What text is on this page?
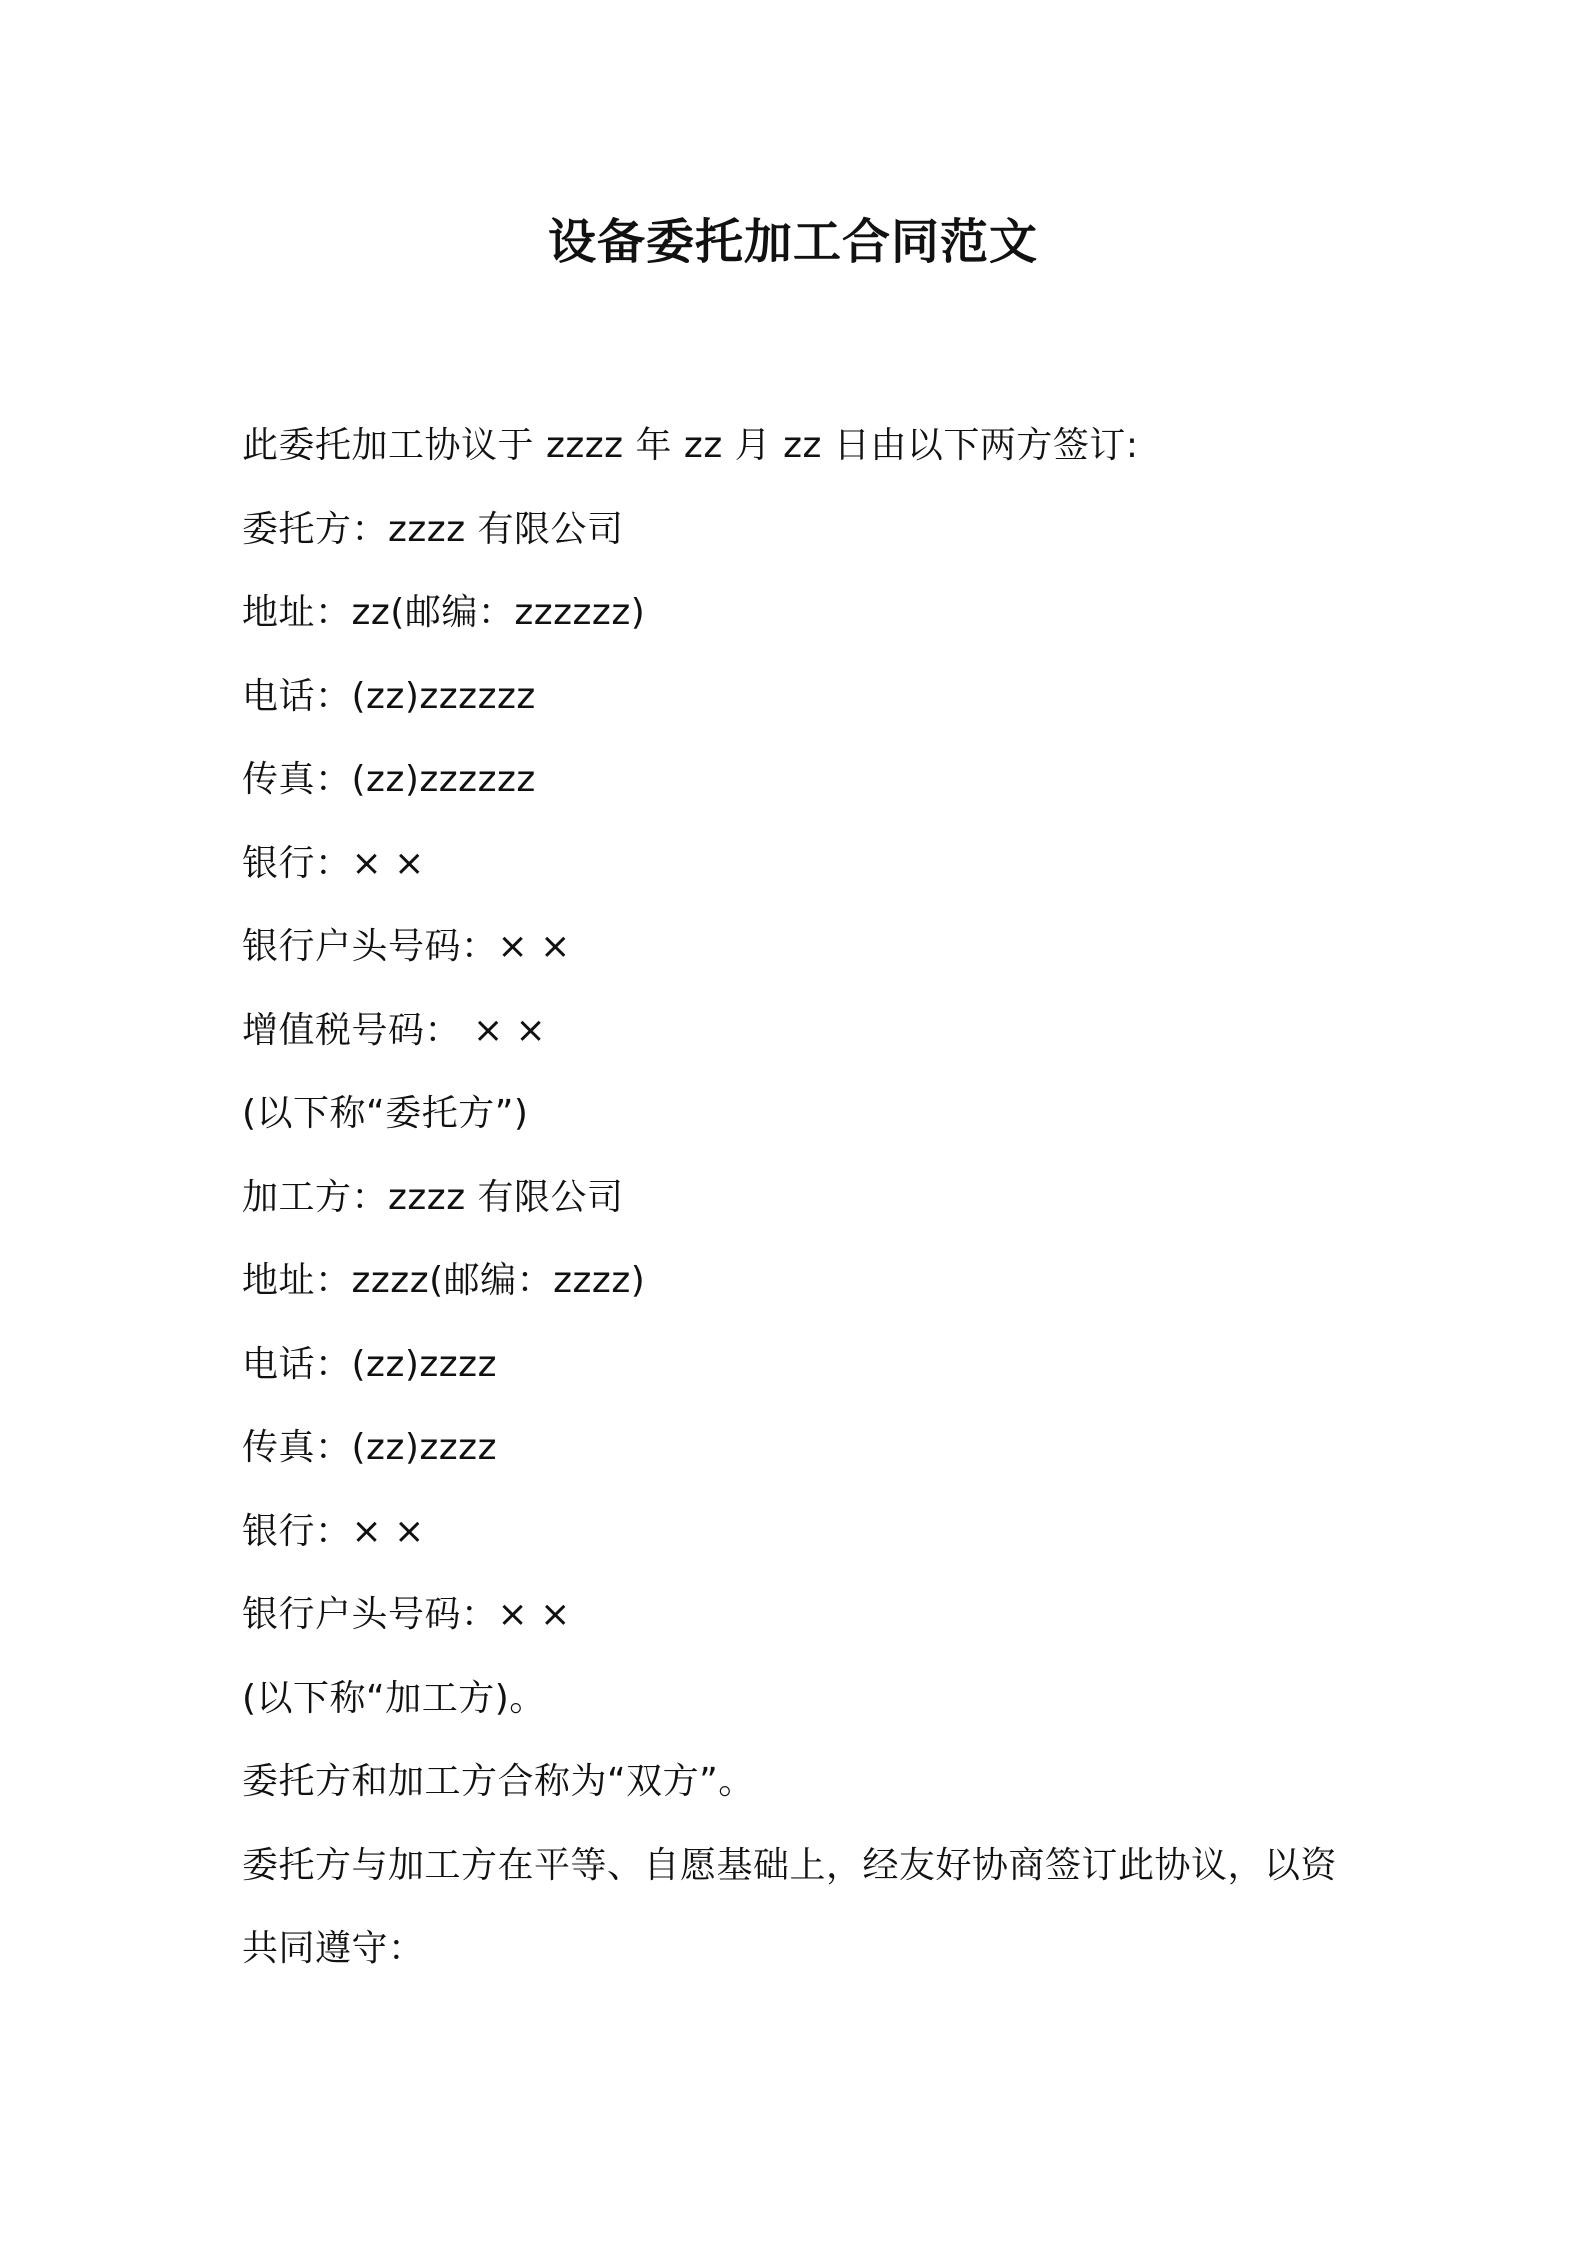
设备委托加工合同范文
此委托加工协议于 zzzz 年 zz 月 zz 日由以下两方签订:
委托方：zzzz 有限公司
地址：zz(邮编：zzzzzz)
电话：(zz)zzzzzz
传真：(zz)zzzzzz
银行：× ×
银行户头号码：× ×
增值税号码： × ×
(以下称“委托方”)
加工方：zzzz 有限公司
地址：zzzz(邮编：zzzz)
电话：(zz)zzzz
传真：(zz)zzzz
银行：× ×
银行户头号码：× ×
(以下称“加工方)。
委托方和加工方合称为“双方”。
委托方与加工方在平等、自愿基础上，经友好协商签订此协议，以资
共同遵守：
